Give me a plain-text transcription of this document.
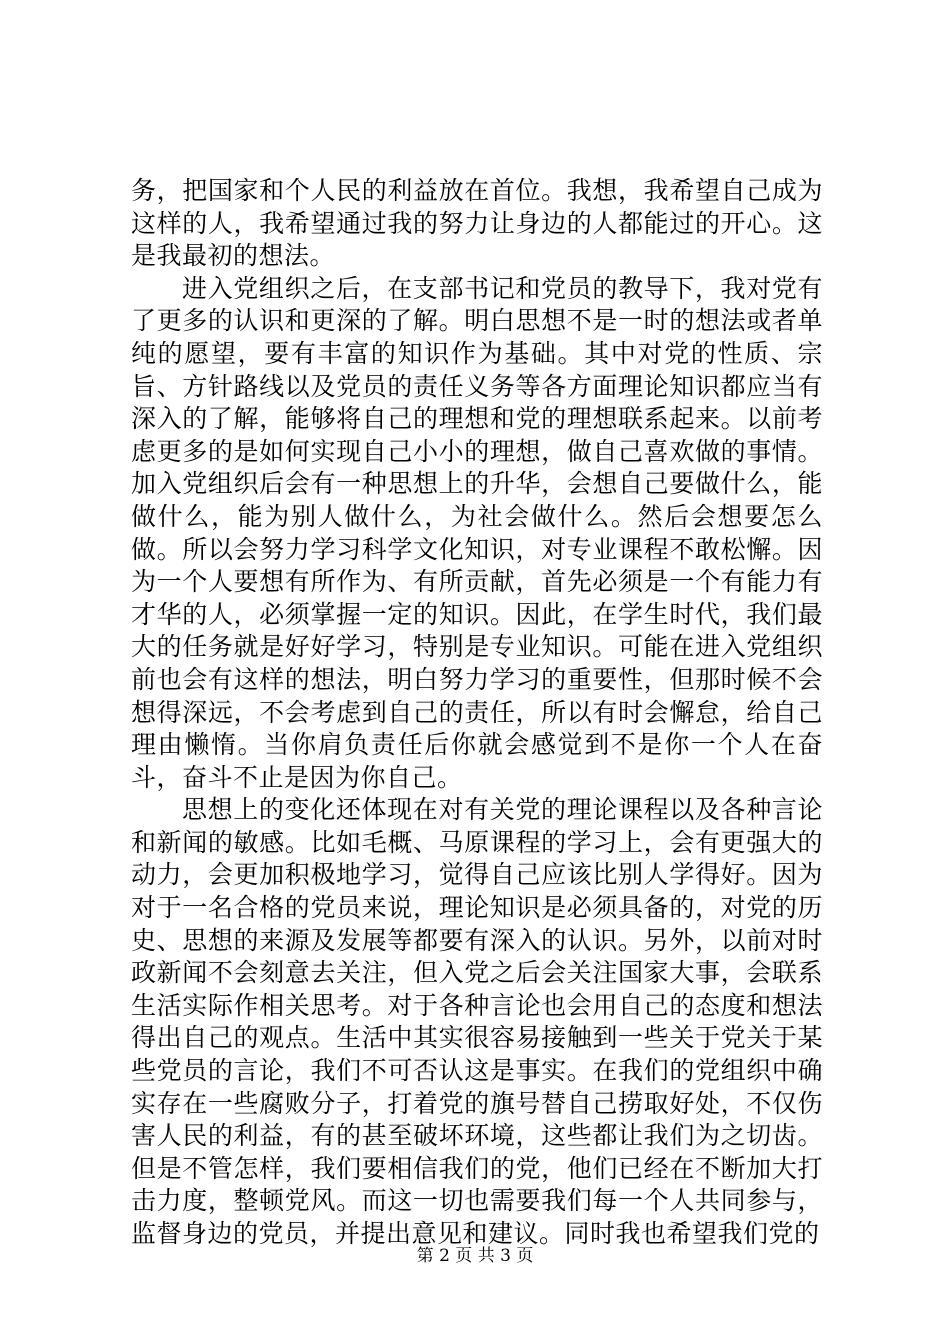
务，把国家和个人民的利益放在首位。我想，我希望自己成为这样的人，我希望通过我的努力让身边的人都能过的开心。这是我最初的想法。

进入党组织之后，在支部书记和党员的教导下，我对党有了更多的认识和更深的了解。明白思想不是一时的想法或者单纯的愿望，要有丰富的知识作为基础。其中对党的性质、宗旨、方针路线以及党员的责任义务等各方面理论知识都应当有深入的了解，能够将自己的理想和党的理想联系起来。以前考虑更多的是如何实现自己小小的理想，做自己喜欢做的事情。加入党组织后会有一种思想上的升华，会想自己要做什么，能做什么，能为别人做什么，为社会做什么。然后会想要怎么做。所以会努力学习科学文化知识，对专业课程不敢松懈。因为一个人要想有所作为、有所贡献，首先必须是一个有能力有才华的人，必须掌握一定的知识。因此，在学生时代，我们最大的任务就是好好学习，特别是专业知识。可能在进入党组织前也会有这样的想法，明白努力学习的重要性，但那时候不会想得深远，不会考虑到自己的责任，所以有时会懈怠，给自己理由懒惰。当你肩负责任后你就会感觉到不是你一个人在奋斗，奋斗不止是因为你自己。

思想上的变化还体现在对有关党的理论课程以及各种言论和新闻的敏感。比如毛概、马原课程的学习上，会有更强大的动力，会更加积极地学习，觉得自己应该比别人学得好。因为对于一名合格的党员来说，理论知识是必须具备的，对党的历史、思想的来源及发展等都要有深入的认识。另外，以前对时政新闻不会刻意去关注，但入党之后会关注国家大事，会联系生活实际作相关思考。对于各种言论也会用自己的态度和想法得出自己的观点。生活中其实很容易接触到一些关于党关于某些党员的言论，我们不可否认这是事实。在我们的党组织中确实存在一些腐败分子，打着党的旗号替自己捞取好处，不仅伤害人民的利益，有的甚至破坏环境，这些都让我们为之切齿。但是不管怎样，我们要相信我们的党，他们已经在不断加大打击力度，整顿党风。而这一切也需要我们每一个人共同参与，监督身边的党员，并提出意见和建议。同时我也希望我们党的

第 2 页 共 3 页
